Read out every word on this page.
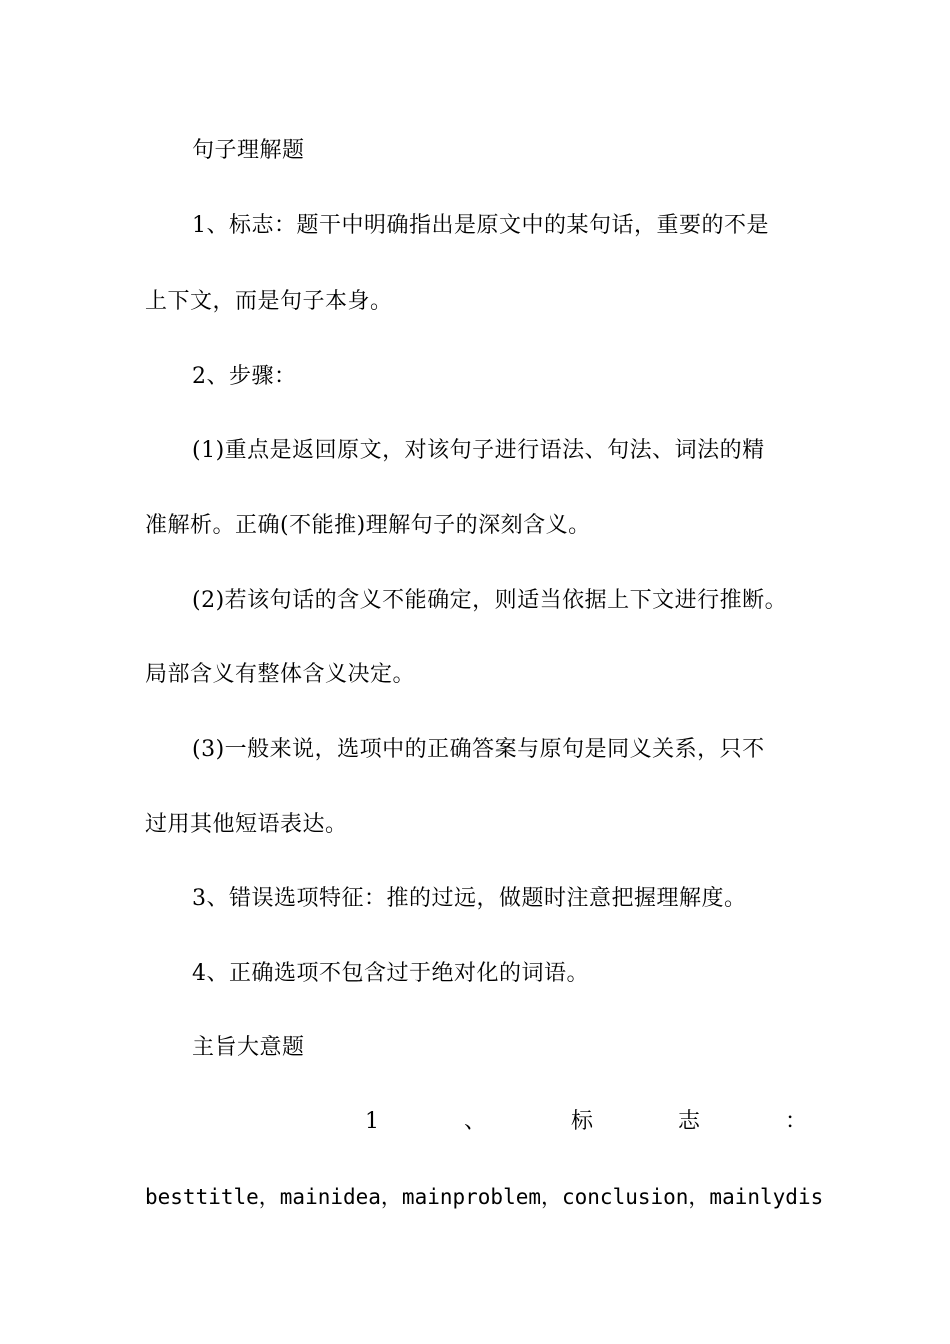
句子理解题
1、标志：题干中明确指出是原文中的某句话，重要的不是
上下文，而是句子本身。
2、步骤：
(1)重点是返回原文，对该句子进行语法、句法、词法的精
准解析。正确(不能推)理解句子的深刻含义。
(2)若该句话的含义不能确定，则适当依据上下文进行推断。
局部含义有整体含义决定。
(3)一般来说，选项中的正确答案与原句是同义关系，只不
过用其他短语表达。
3、错误选项特征：推的过远，做题时注意把握理解度。
4、正确选项不包含过于绝对化的词语。
主旨大意题
1	、	标	志	：
besttitle，mainidea，mainproblem，conclusion，mainlydis
